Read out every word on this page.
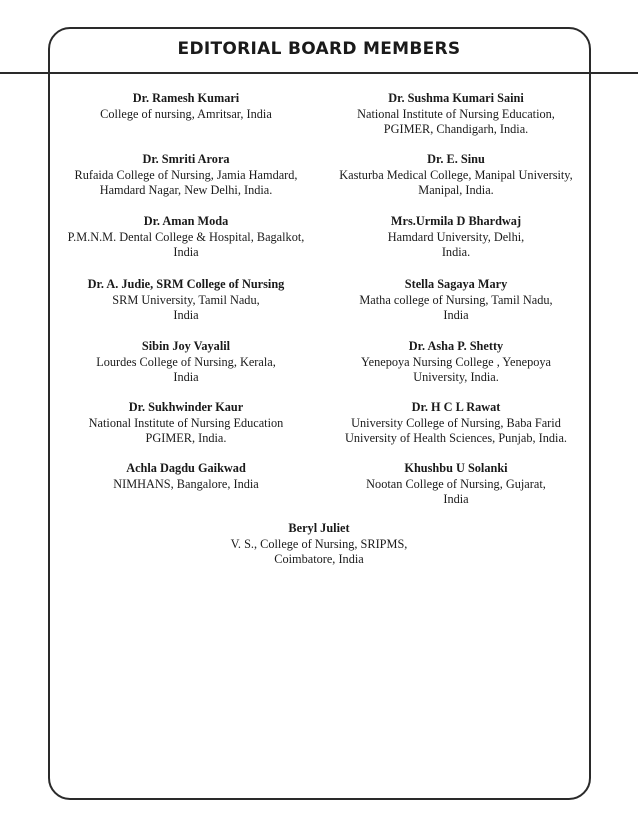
EDITORIAL BOARD MEMBERS
Dr. Ramesh Kumari
College of nursing, Amritsar, India
Dr. Sushma Kumari Saini
National Institute of Nursing Education,
PGIMER, Chandigarh, India.
Dr. Smriti Arora
Rufaida College of Nursing, Jamia Hamdard,
Hamdard Nagar, New Delhi, India.
Dr. E. Sinu
Kasturba Medical College, Manipal University,
Manipal, India.
Dr. Aman Moda
P.M.N.M. Dental College & Hospital, Bagalkot,
India
Mrs.Urmila D Bhardwaj
Hamdard University, Delhi,
India.
Dr. A. Judie, SRM College of Nursing
SRM University, Tamil Nadu,
India
Stella Sagaya Mary
Matha college of Nursing, Tamil Nadu,
India
Sibin Joy Vayalil
Lourdes College of Nursing, Kerala,
India
Dr. Asha P. Shetty
Yenepoya Nursing College , Yenepoya
University, India.
Dr. Sukhwinder Kaur
National Institute of Nursing Education
PGIMER, India.
Dr. H C L Rawat
University College of Nursing, Baba Farid
University of Health Sciences, Punjab, India.
Achla Dagdu Gaikwad
NIMHANS, Bangalore, India
Khushbu U Solanki
Nootan College of Nursing, Gujarat,
India
Beryl Juliet
V. S., College of Nursing, SRIPMS,
Coimbatore, India
